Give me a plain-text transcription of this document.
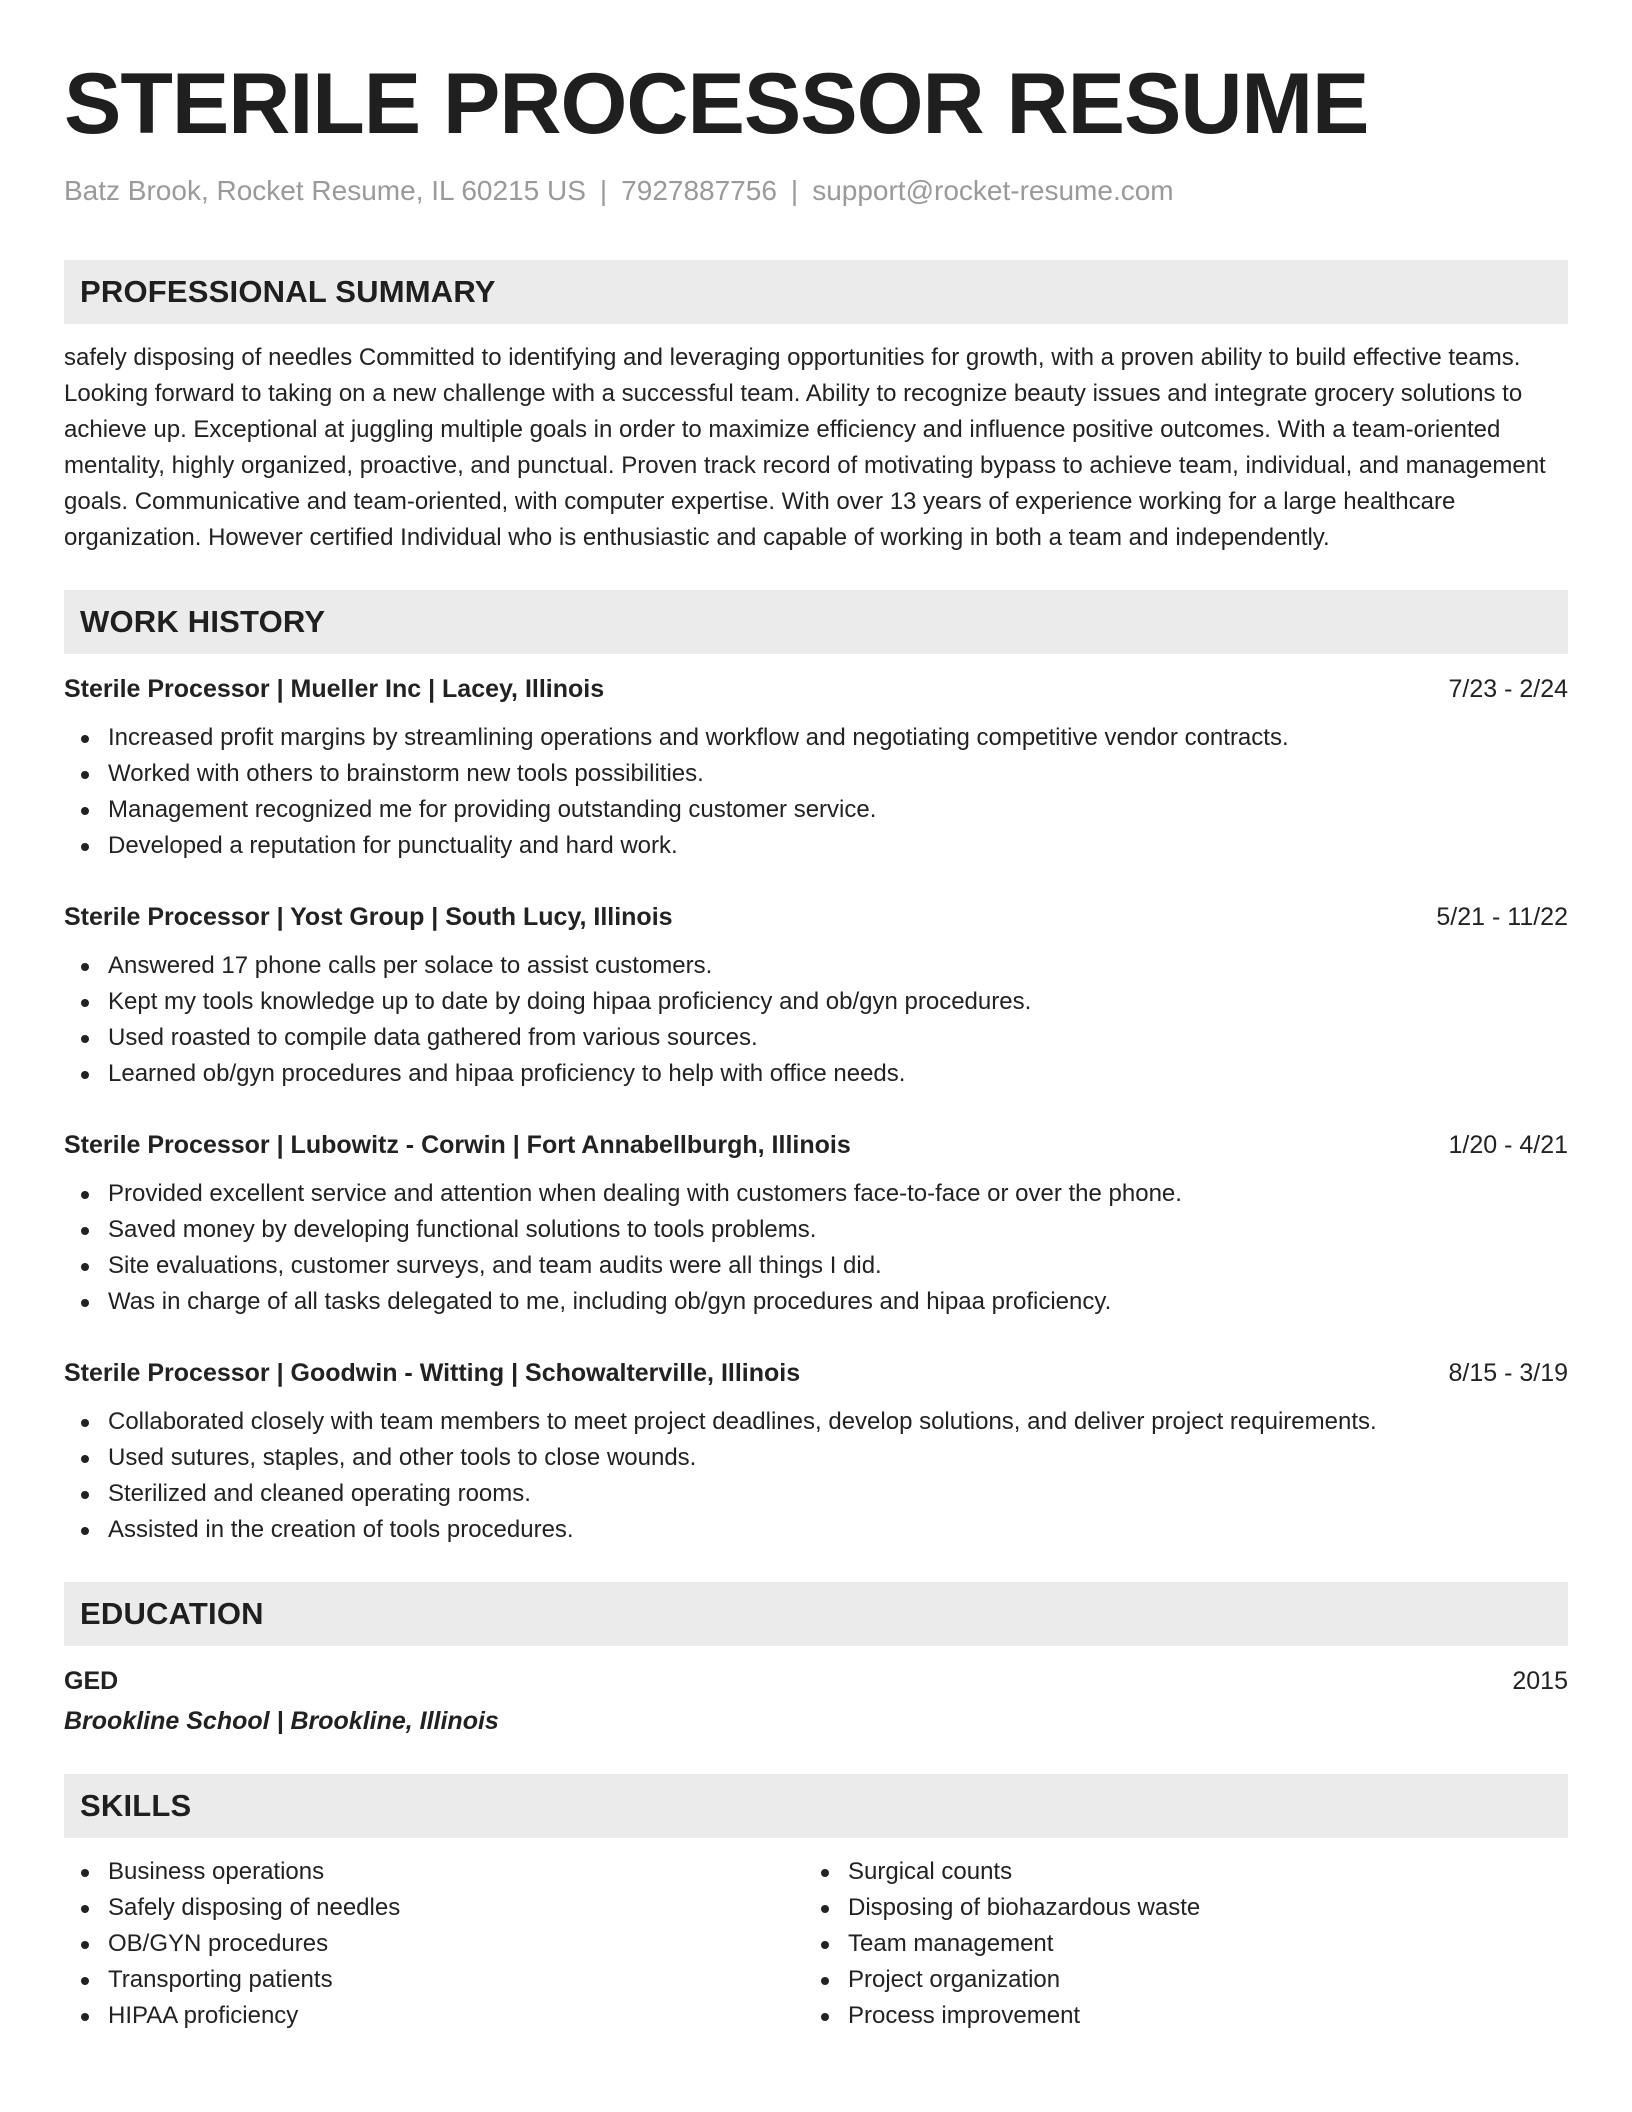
STERILE PROCESSOR RESUME
Batz Brook, Rocket Resume, IL 60215 US | 7927887756 | support@rocket-resume.com
PROFESSIONAL SUMMARY
safely disposing of needles Committed to identifying and leveraging opportunities for growth, with a proven ability to build effective teams. Looking forward to taking on a new challenge with a successful team. Ability to recognize beauty issues and integrate grocery solutions to achieve up. Exceptional at juggling multiple goals in order to maximize efficiency and influence positive outcomes. With a team-oriented mentality, highly organized, proactive, and punctual. Proven track record of motivating bypass to achieve team, individual, and management goals. Communicative and team-oriented, with computer expertise. With over 13 years of experience working for a large healthcare organization. However certified Individual who is enthusiastic and capable of working in both a team and independently.
WORK HISTORY
Sterile Processor | Mueller Inc | Lacey, Illinois	7/23 - 2/24
Increased profit margins by streamlining operations and workflow and negotiating competitive vendor contracts.
Worked with others to brainstorm new tools possibilities.
Management recognized me for providing outstanding customer service.
Developed a reputation for punctuality and hard work.
Sterile Processor | Yost Group | South Lucy, Illinois	5/21 - 11/22
Answered 17 phone calls per solace to assist customers.
Kept my tools knowledge up to date by doing hipaa proficiency and ob/gyn procedures.
Used roasted to compile data gathered from various sources.
Learned ob/gyn procedures and hipaa proficiency to help with office needs.
Sterile Processor | Lubowitz - Corwin | Fort Annabellburgh, Illinois	1/20 - 4/21
Provided excellent service and attention when dealing with customers face-to-face or over the phone.
Saved money by developing functional solutions to tools problems.
Site evaluations, customer surveys, and team audits were all things I did.
Was in charge of all tasks delegated to me, including ob/gyn procedures and hipaa proficiency.
Sterile Processor | Goodwin - Witting | Schowalterville, Illinois	8/15 - 3/19
Collaborated closely with team members to meet project deadlines, develop solutions, and deliver project requirements.
Used sutures, staples, and other tools to close wounds.
Sterilized and cleaned operating rooms.
Assisted in the creation of tools procedures.
EDUCATION
GED	2015
Brookline School | Brookline, Illinois
SKILLS
Business operations
Safely disposing of needles
OB/GYN procedures
Transporting patients
HIPAA proficiency
Surgical counts
Disposing of biohazardous waste
Team management
Project organization
Process improvement
